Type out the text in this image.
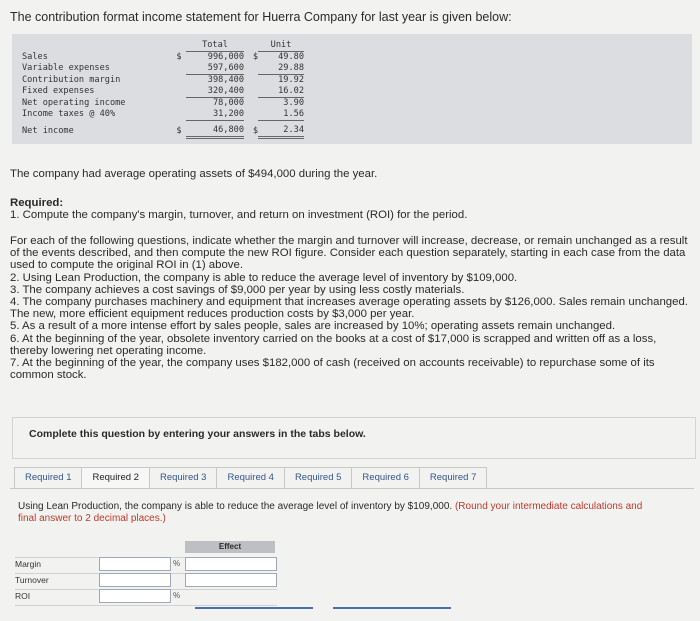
The contribution format income statement for Huerra Company for last year is given below:
		Total		Unit
Sales	$	996,000	$	49.80
Variable expenses		597,600		29.88
Contribution margin		398,400		19.92
Fixed expenses		320,400		16.02
Net operating income		78,000		3.90
Income taxes @ 40%		31,200		1.56
Net income	$	46,800	$	2.34
The company had average operating assets of $494,000 during the year.
Required:
1. Compute the company's margin, turnover, and return on investment (ROI) for the period.
For each of the following questions, indicate whether the margin and turnover will increase, decrease, or remain unchanged as a result of the events described, and then compute the new ROI figure. Consider each question separately, starting in each case from the data used to compute the original ROI in (1) above.
2. Using Lean Production, the company is able to reduce the average level of inventory by $109,000.
3. The company achieves a cost savings of $9,000 per year by using less costly materials.
4. The company purchases machinery and equipment that increases average operating assets by $126,000. Sales remain unchanged. The new, more efficient equipment reduces production costs by $3,000 per year.
5. As a result of a more intense effort by sales people, sales are increased by 10%; operating assets remain unchanged.
6. At the beginning of the year, obsolete inventory carried on the books at a cost of $17,000 is scrapped and written off as a loss, thereby lowering net operating income.
7. At the beginning of the year, the company uses $182,000 of cash (received on accounts receivable) to repurchase some of its common stock.
Complete this question by entering your answers in the tabs below.
Required 1	Required 2	Required 3	Required 4	Required 5	Required 6	Required 7
Using Lean Production, the company is able to reduce the average level of inventory by $109,000. (Round your intermediate calculations and final answer to 2 decimal places.)
Effect
Margin	%
Turnover
ROI	%
